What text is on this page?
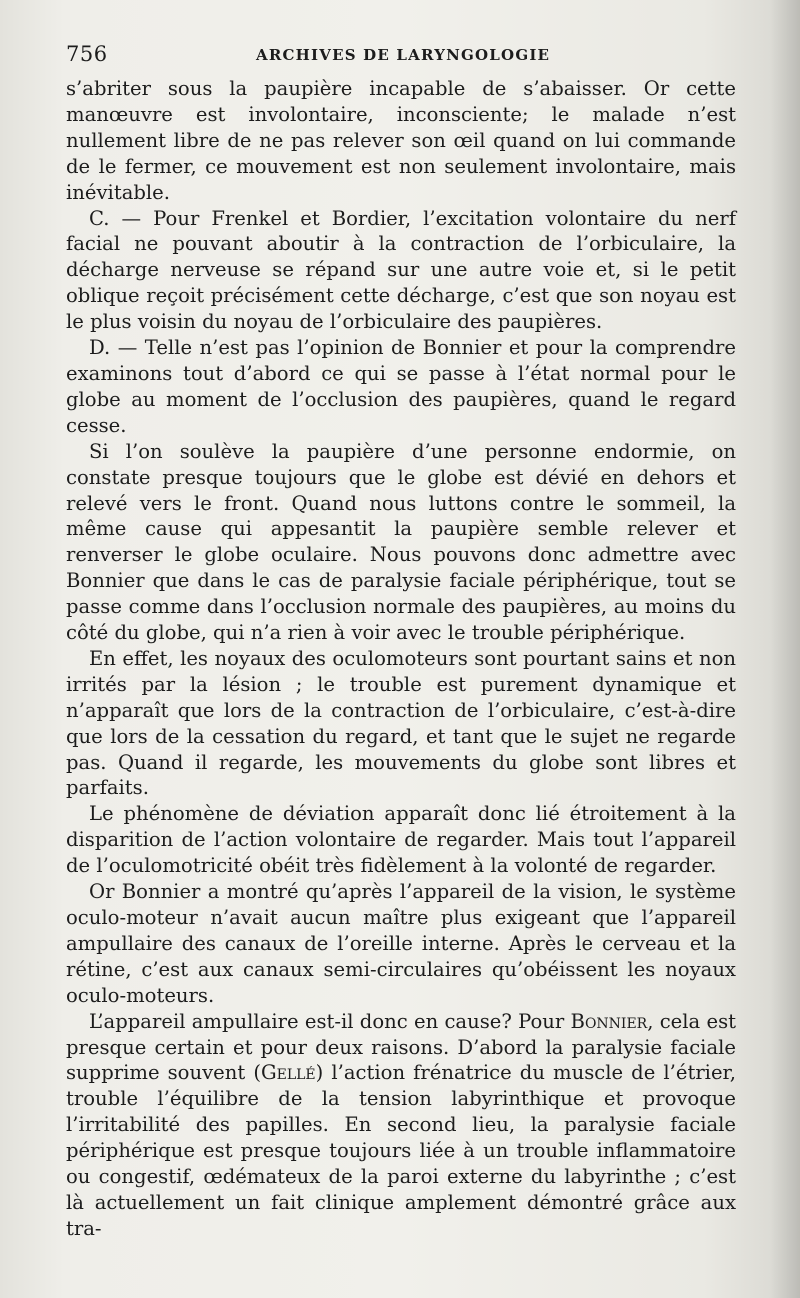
756	ARCHIVES DE LARYNGOLOGIE

s’abriter sous la paupière incapable de s’abaisser. Or cette manœuvre est involontaire, inconsciente; le malade n’est nullement libre de ne pas relever son œil quand on lui commande de le fermer, ce mouvement est non seulement involontaire, mais inévitable.

C. — Pour Frenkel et Bordier, l’excitation volontaire du nerf facial ne pouvant aboutir à la contraction de l’orbiculaire, la décharge nerveuse se répand sur une autre voie et, si le petit oblique reçoit précisément cette décharge, c’est que son noyau est le plus voisin du noyau de l’orbiculaire des paupières.

D. — Telle n’est pas l’opinion de Bonnier et pour la comprendre examinons tout d’abord ce qui se passe à l’état normal pour le globe au moment de l’occlusion des paupières, quand le regard cesse.

Si l’on soulève la paupière d’une personne endormie, on constate presque toujours que le globe est dévié en dehors et relevé vers le front. Quand nous luttons contre le sommeil, la même cause qui appesantit la paupière semble relever et renverser le globe oculaire. Nous pouvons donc admettre avec Bonnier que dans le cas de paralysie faciale périphérique, tout se passe comme dans l’occlusion normale des paupières, au moins du côté du globe, qui n’a rien à voir avec le trouble périphérique.

En effet, les noyaux des oculomoteurs sont pourtant sains et non irrités par la lésion ; le trouble est purement dynamique et n’apparaît que lors de la contraction de l’orbiculaire, c’est-à-dire que lors de la cessation du regard, et tant que le sujet ne regarde pas. Quand il regarde, les mouvements du globe sont libres et parfaits.

Le phénomène de déviation apparaît donc lié étroitement à la disparition de l’action volontaire de regarder. Mais tout l’appareil de l’oculomotricité obéit très fidèlement à la volonté de regarder.

Or Bonnier a montré qu’après l’appareil de la vision, le système oculo-moteur n’avait aucun maître plus exigeant que l’appareil ampullaire des canaux de l’oreille interne. Après le cerveau et la rétine, c’est aux canaux semi-circulaires qu’obéissent les noyaux oculo-moteurs.

L’appareil ampullaire est-il donc en cause? Pour Bonnier, cela est presque certain et pour deux raisons. D’abord la paralysie faciale supprime souvent (Gellé) l’action frénatrice du muscle de l’étrier, trouble l’équilibre de la tension labyrinthique et provoque l’irritabilité des papilles. En second lieu, la paralysie faciale périphérique est presque toujours liée à un trouble inflammatoire ou congestif, œdémateux de la paroi externe du labyrinthe ; c’est là actuellement un fait clinique amplement démontré grâce aux tra-
